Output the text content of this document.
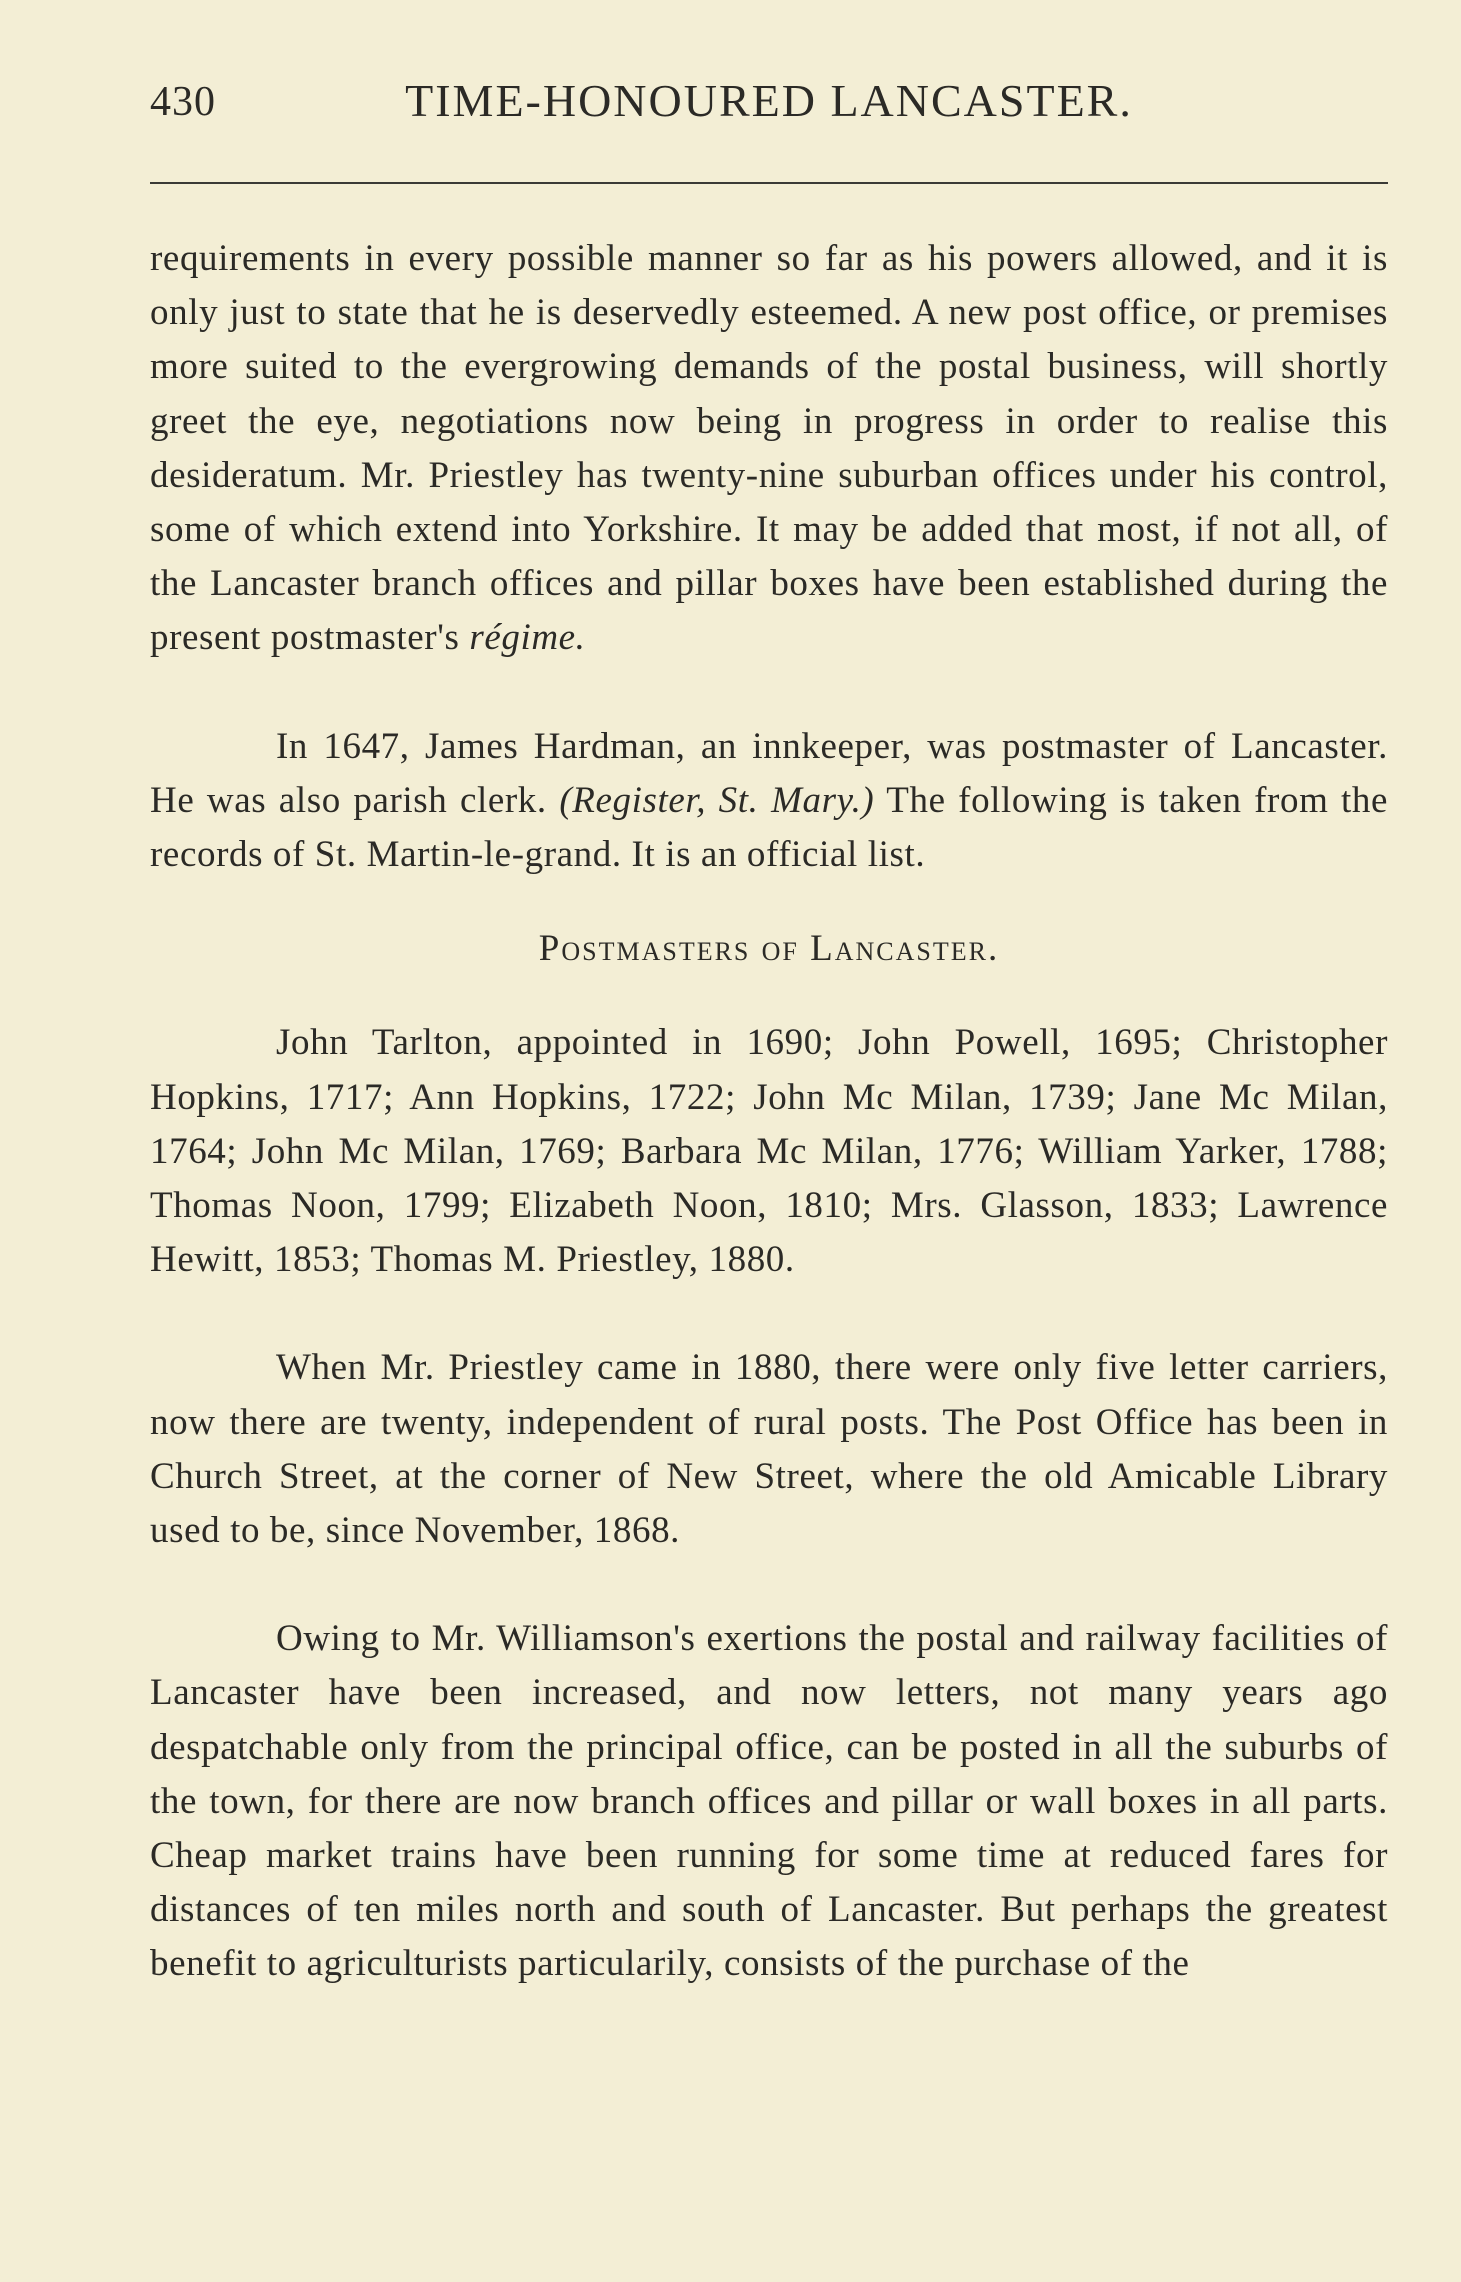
430	TIME-HONOURED LANCASTER.

requirements in every possible manner so far as his powers allowed, and it is only just to state that he is deservedly esteemed. A new post office, or premises more suited to the evergrowing demands of the postal business, will shortly greet the eye, negotiations now being in progress in order to realise this desideratum. Mr. Priestley has twenty-nine suburban offices under his control, some of which extend into Yorkshire. It may be added that most, if not all, of the Lancaster branch offices and pillar boxes have been established during the present postmaster's régime.

In 1647, James Hardman, an innkeeper, was postmaster of Lancaster. He was also parish clerk. (Register, St. Mary.) The following is taken from the records of St. Martin-le-grand. It is an official list.

Postmasters of Lancaster.

John Tarlton, appointed in 1690; John Powell, 1695; Christopher Hopkins, 1717; Ann Hopkins, 1722; John Mc Milan, 1739; Jane Mc Milan, 1764; John Mc Milan, 1769; Barbara Mc Milan, 1776; William Yarker, 1788; Thomas Noon, 1799; Elizabeth Noon, 1810; Mrs. Glasson, 1833; Lawrence Hewitt, 1853; Thomas M. Priestley, 1880.

When Mr. Priestley came in 1880, there were only five letter carriers, now there are twenty, independent of rural posts. The Post Office has been in Church Street, at the corner of New Street, where the old Amicable Library used to be, since November, 1868.

Owing to Mr. Williamson's exertions the postal and railway facilities of Lancaster have been increased, and now letters, not many years ago despatchable only from the principal office, can be posted in all the suburbs of the town, for there are now branch offices and pillar or wall boxes in all parts. Cheap market trains have been running for some time at reduced fares for distances of ten miles north and south of Lancaster. But perhaps the greatest benefit to agriculturists particularily, consists of the purchase of the
